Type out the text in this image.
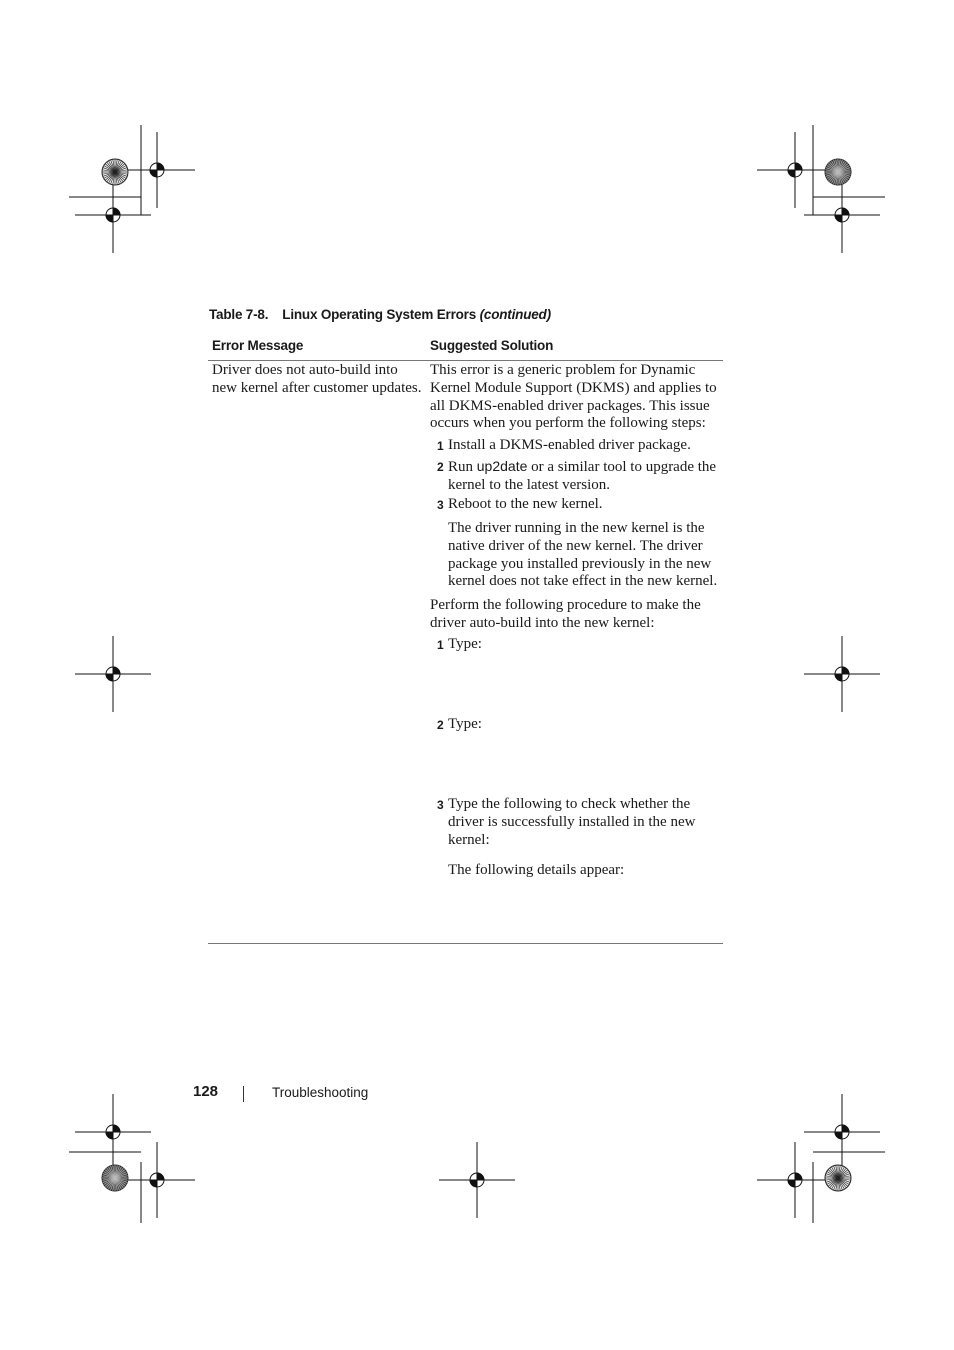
Table 7-8. Linux Operating System Errors (continued)
Error Message	Suggested Solution
Driver does not auto-build into new kernel after customer updates.
This error is a generic problem for Dynamic Kernel Module Support (DKMS) and applies to all DKMS-enabled driver packages. This issue occurs when you perform the following steps:
1 Install a DKMS-enabled driver package.
2 Run up2date or a similar tool to upgrade the kernel to the latest version.
3 Reboot to the new kernel.
The driver running in the new kernel is the native driver of the new kernel. The driver package you installed previously in the new kernel does not take effect in the new kernel.
Perform the following procedure to make the driver auto-build into the new kernel:
1 Type:
2 Type:
3 Type the following to check whether the driver is successfully installed in the new kernel:
The following details appear:
128	Troubleshooting
